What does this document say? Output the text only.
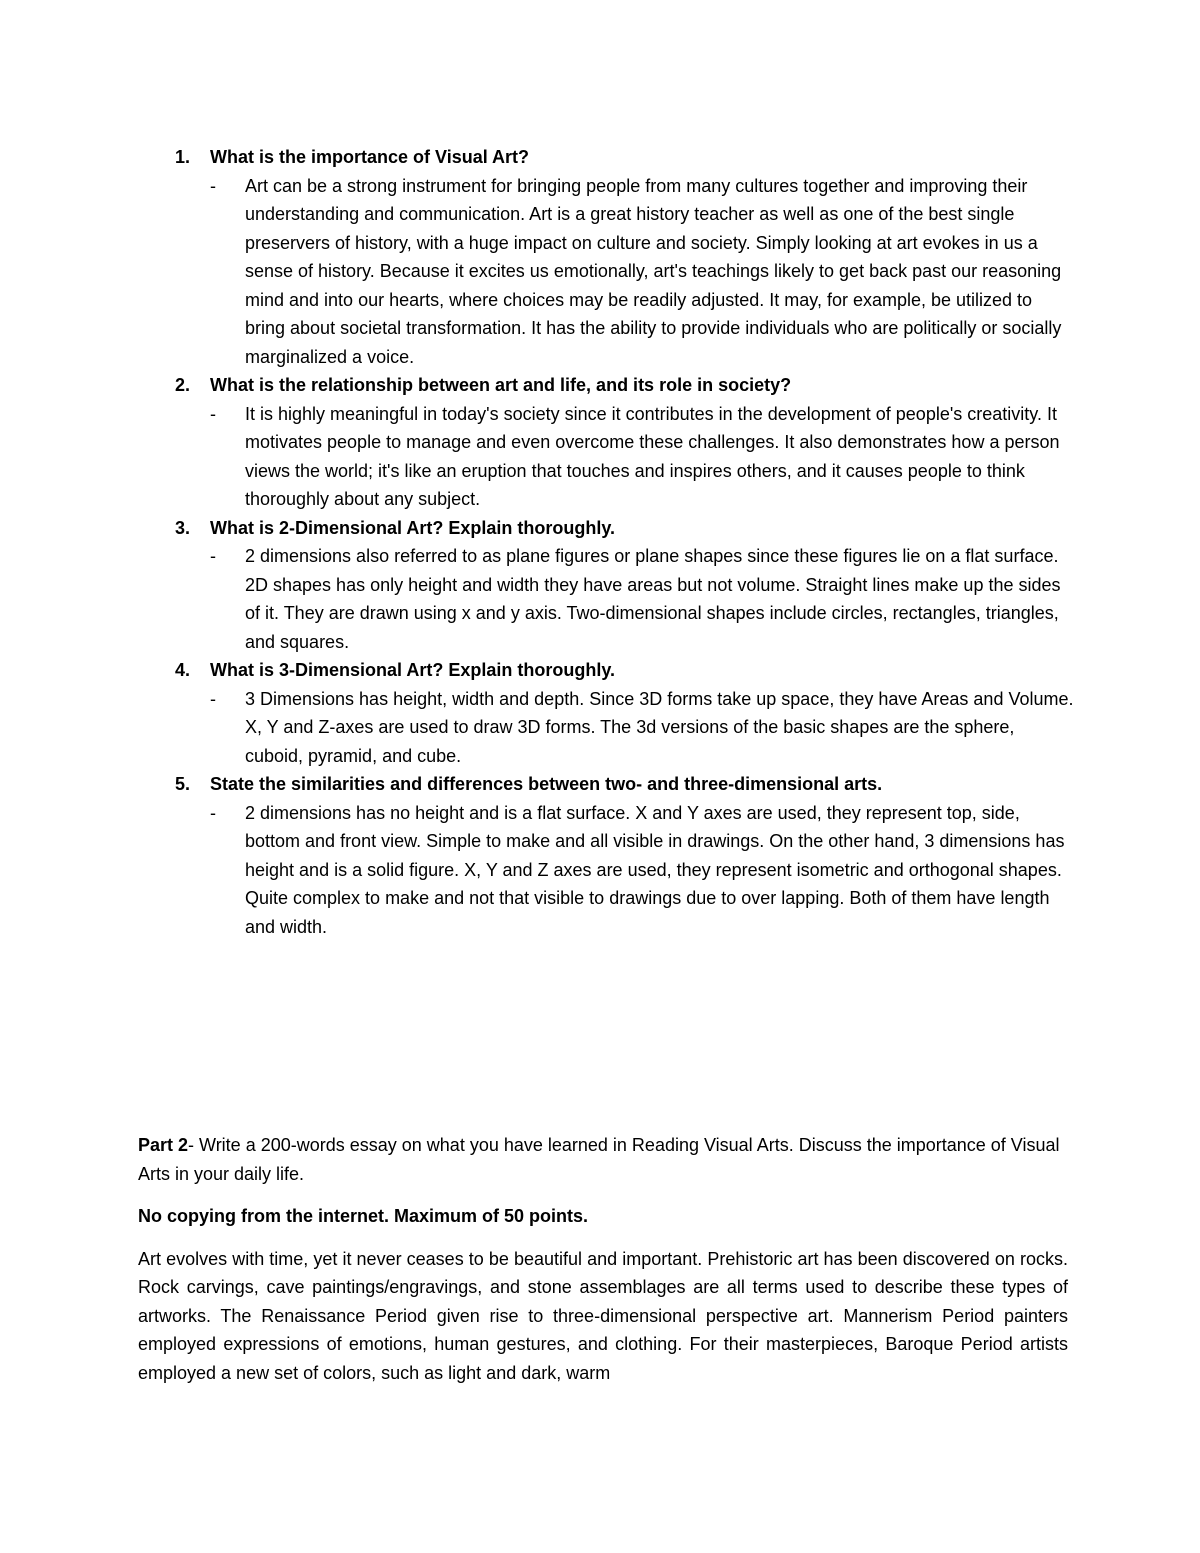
1. What is the importance of Visual Art?
- Art can be a strong instrument for bringing people from many cultures together and improving their understanding and communication. Art is a great history teacher as well as one of the best single preservers of history, with a huge impact on culture and society. Simply looking at art evokes in us a sense of history. Because it excites us emotionally, art's teachings likely to get back past our reasoning mind and into our hearts, where choices may be readily adjusted. It may, for example, be utilized to bring about societal transformation. It has the ability to provide individuals who are politically or socially marginalized a voice.
2. What is the relationship between art and life, and its role in society?
- It is highly meaningful in today's society since it contributes in the development of people's creativity. It motivates people to manage and even overcome these challenges. It also demonstrates how a person views the world; it's like an eruption that touches and inspires others, and it causes people to think thoroughly about any subject.
3. What is 2-Dimensional Art? Explain thoroughly.
- 2 dimensions also referred to as plane figures or plane shapes since these figures lie on a flat surface. 2D shapes has only height and width they have areas but not volume. Straight lines make up the sides of it. They are drawn using x and y axis. Two-dimensional shapes include circles, rectangles, triangles, and squares.
4. What is 3-Dimensional Art? Explain thoroughly.
- 3 Dimensions has height, width and depth. Since 3D forms take up space, they have Areas and Volume. X, Y and Z-axes are used to draw 3D forms. The 3d versions of the basic shapes are the sphere, cuboid, pyramid, and cube.
5. State the similarities and differences between two- and three-dimensional arts.
- 2 dimensions has no height and is a flat surface. X and Y axes are used, they represent top, side, bottom and front view. Simple to make and all visible in drawings. On the other hand, 3 dimensions has height and is a solid figure. X, Y and Z axes are used, they represent isometric and orthogonal shapes. Quite complex to make and not that visible to drawings due to over lapping. Both of them have length and width.

Part 2- Write a 200-words essay on what you have learned in Reading Visual Arts. Discuss the importance of Visual Arts in your daily life.

No copying from the internet. Maximum of 50 points.

Art evolves with time, yet it never ceases to be beautiful and important. Prehistoric art has been discovered on rocks. Rock carvings, cave paintings/engravings, and stone assemblages are all terms used to describe these types of artworks. The Renaissance Period given rise to three-dimensional perspective art. Mannerism Period painters employed expressions of emotions, human gestures, and clothing. For their masterpieces, Baroque Period artists employed a new set of colors, such as light and dark, warm
